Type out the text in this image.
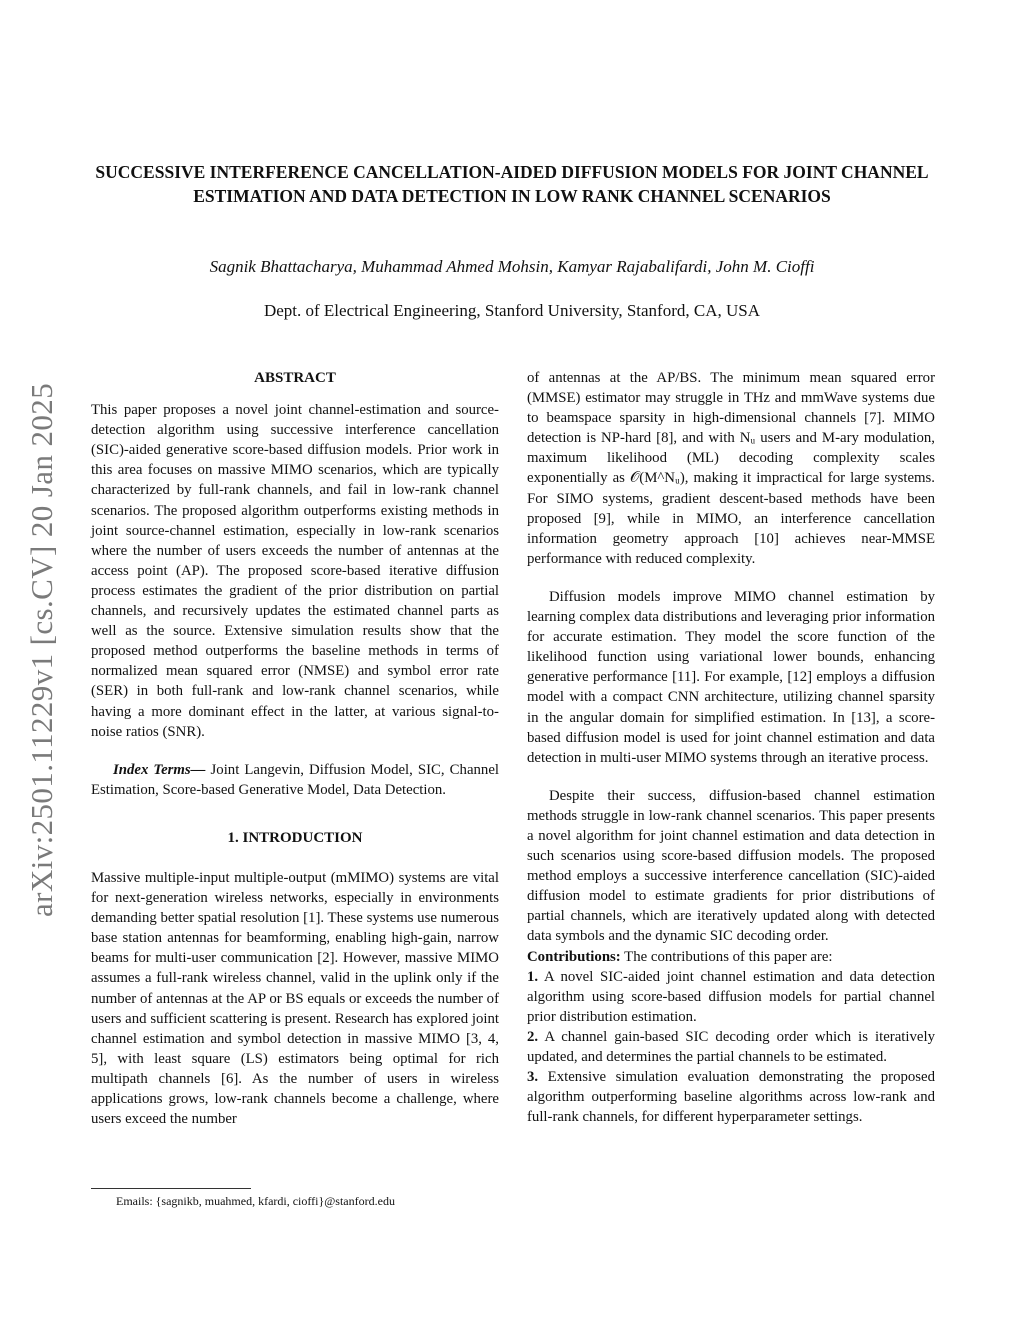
SUCCESSIVE INTERFERENCE CANCELLATION-AIDED DIFFUSION MODELS FOR JOINT CHANNEL ESTIMATION AND DATA DETECTION IN LOW RANK CHANNEL SCENARIOS
Sagnik Bhattacharya, Muhammad Ahmed Mohsin, Kamyar Rajabalifardi, John M. Cioffi
Dept. of Electrical Engineering, Stanford University, Stanford, CA, USA
arXiv:2501.11229v1 [cs.CV] 20 Jan 2025

ABSTRACT

This paper proposes a novel joint channel-estimation and source-detection algorithm using successive interference cancellation (SIC)-aided generative score-based diffusion models. Prior work in this area focuses on massive MIMO scenarios, which are typically characterized by full-rank channels, and fail in low-rank channel scenarios. The proposed algorithm outperforms existing methods in joint source-channel estimation, especially in low-rank scenarios where the number of users exceeds the number of antennas at the access point (AP). The proposed score-based iterative diffusion process estimates the gradient of the prior distribution on partial channels, and recursively updates the estimated channel parts as well as the source. Extensive simulation results show that the proposed method outperforms the baseline methods in terms of normalized mean squared error (NMSE) and symbol error rate (SER) in both full-rank and low-rank channel scenarios, while having a more dominant effect in the latter, at various signal-to-noise ratios (SNR).

Index Terms— Joint Langevin, Diffusion Model, SIC, Channel Estimation, Score-based Generative Model, Data Detection.

1. INTRODUCTION

Massive multiple-input multiple-output (mMIMO) systems are vital for next-generation wireless networks, especially in environments demanding better spatial resolution [1]. These systems use numerous base station antennas for beamforming, enabling high-gain, narrow beams for multi-user communication [2]. However, massive MIMO assumes a full-rank wireless channel, valid in the uplink only if the number of antennas at the AP or BS equals or exceeds the number of users and sufficient scattering is present. Research has explored joint channel estimation and symbol detection in massive MIMO [3, 4, 5], with least square (LS) estimators being optimal for rich multipath channels [6]. As the number of users in wireless applications grows, low-rank channels become a challenge, where users exceed the number

of antennas at the AP/BS. The minimum mean squared error (MMSE) estimator may struggle in THz and mmWave systems due to beamspace sparsity in high-dimensional channels [7]. MIMO detection is NP-hard [8], and with Nᵤ users and M-ary modulation, maximum likelihood (ML) decoding complexity scales exponentially as 𝒪(M^Nᵤ), making it impractical for large systems. For SIMO systems, gradient descent-based methods have been proposed [9], while in MIMO, an interference cancellation information geometry approach [10] achieves near-MMSE performance with reduced complexity.

Diffusion models improve MIMO channel estimation by learning complex data distributions and leveraging prior information for accurate estimation. They model the score function of the likelihood function using variational lower bounds, enhancing generative performance [11]. For example, [12] employs a diffusion model with a compact CNN architecture, utilizing channel sparsity in the angular domain for simplified estimation. In [13], a score-based diffusion model is used for joint channel estimation and data detection in multi-user MIMO systems through an iterative process.

Despite their success, diffusion-based channel estimation methods struggle in low-rank channel scenarios. This paper presents a novel algorithm for joint channel estimation and data detection in such scenarios using score-based diffusion models. The proposed method employs a successive interference cancellation (SIC)-aided diffusion model to estimate gradients for prior distributions of partial channels, which are iteratively updated along with detected data symbols and the dynamic SIC decoding order.

Contributions: The contributions of this paper are:

1. A novel SIC-aided joint channel estimation and data detection algorithm using score-based diffusion models for partial channel prior distribution estimation.

2. A channel gain-based SIC decoding order which is iteratively updated, and determines the partial channels to be estimated.

3. Extensive simulation evaluation demonstrating the proposed algorithm outperforming baseline algorithms across low-rank and full-rank channels, for different hyperparameter settings.

Emails: {sagnikb, muahmed, kfardi, cioffi}@stanford.edu
